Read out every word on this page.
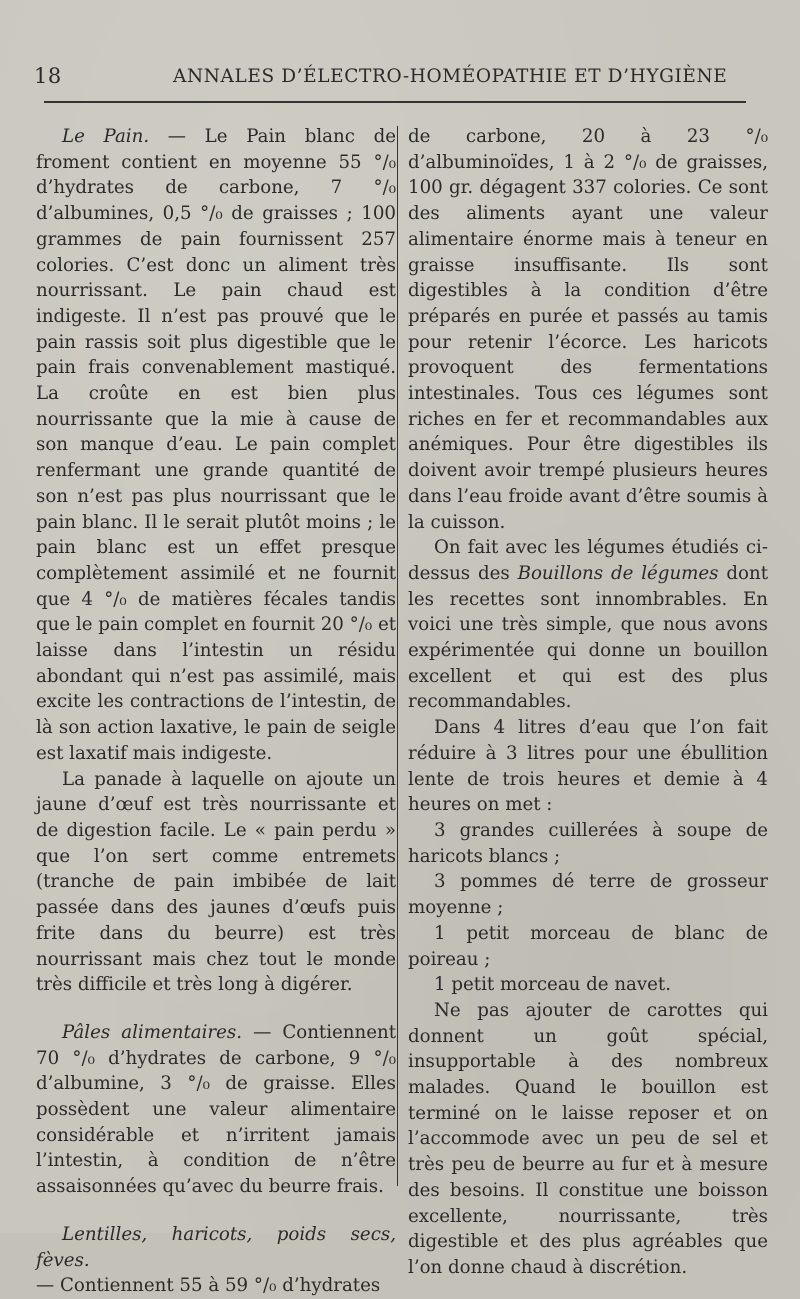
18	ANNALES D’ÉLECTRO-HOMÉOPATHIE ET D’HYGIÈNE

Le Pain. — Le Pain blanc de froment contient en moyenne 55 °/₀ d’hydrates de carbone, 7 °/₀ d’albumines, 0,5 °/₀ de graisses ; 100 grammes de pain fournissent 257 colories. C’est donc un aliment très nourrissant. Le pain chaud est indigeste. Il n’est pas prouvé que le pain rassis soit plus digestible que le pain frais convenablement mastiqué. La croûte en est bien plus nourrissante que la mie à cause de son manque d’eau. Le pain complet renfermant une grande quantité de son n’est pas plus nourrissant que le pain blanc. Il le serait plutôt moins ; le pain blanc est un effet presque complètement assimilé et ne fournit que 4 °/₀ de matières fécales tandis que le pain complet en fournit 20 °/₀ et laisse dans l’intestin un résidu abondant qui n’est pas assimilé, mais excite les contractions de l’intestin, de là son action laxative, le pain de seigle est laxatif mais indigeste.

La panade à laquelle on ajoute un jaune d’œuf est très nourrissante et de digestion facile. Le « pain perdu » que l’on sert comme entremets (tranche de pain imbibée de lait passée dans des jaunes d’œufs puis frite dans du beurre) est très nourrissant mais chez tout le monde très difficile et très long à digérer.

Pâles alimentaires. — Contiennent 70 °/₀ d’hydrates de carbone, 9 °/₀ d’albumine, 3 °/₀ de graisse. Elles possèdent une valeur alimentaire considérable et n’irritent jamais l’intestin, à condition de n’être assaisonnées qu’avec du beurre frais.

Lentilles, haricots, poids secs, fèves.

— Contiennent 55 à 59 °/₀ d’hydrates

de carbone, 20 à 23 °/₀ d’albuminoïdes, 1 à 2 °/₀ de graisses, 100 gr. dégagent 337 colories. Ce sont des aliments ayant une valeur alimentaire énorme mais à teneur en graisse insuffisante. Ils sont digestibles à la condition d’être préparés en purée et passés au tamis pour retenir l’écorce. Les haricots provoquent des fermentations intestinales. Tous ces légumes sont riches en fer et recommandables aux anémiques. Pour être digestibles ils doivent avoir trempé plusieurs heures dans l’eau froide avant d’être soumis à la cuisson.

On fait avec les légumes étudiés ci-dessus des Bouillons de légumes dont les recettes sont innombrables. En voici une très simple, que nous avons expérimentée qui donne un bouillon excellent et qui est des plus recommandables.

Dans 4 litres d’eau que l’on fait réduire à 3 litres pour une ébullition lente de trois heures et demie à 4 heures on met :

3 grandes cuillerées à soupe de haricots blancs ;

3 pommes dé terre de grosseur moyenne ;

1 petit morceau de blanc de poireau ;

1 petit morceau de navet.

Ne pas ajouter de carottes qui donnent un goût spécial, insupportable à des nombreux malades. Quand le bouillon est terminé on le laisse reposer et on l’accommode avec un peu de sel et très peu de beurre au fur et à mesure des besoins. Il constitue une boisson excellente, nourrissante, très digestible et des plus agréables que l’on donne chaud à discrétion.
